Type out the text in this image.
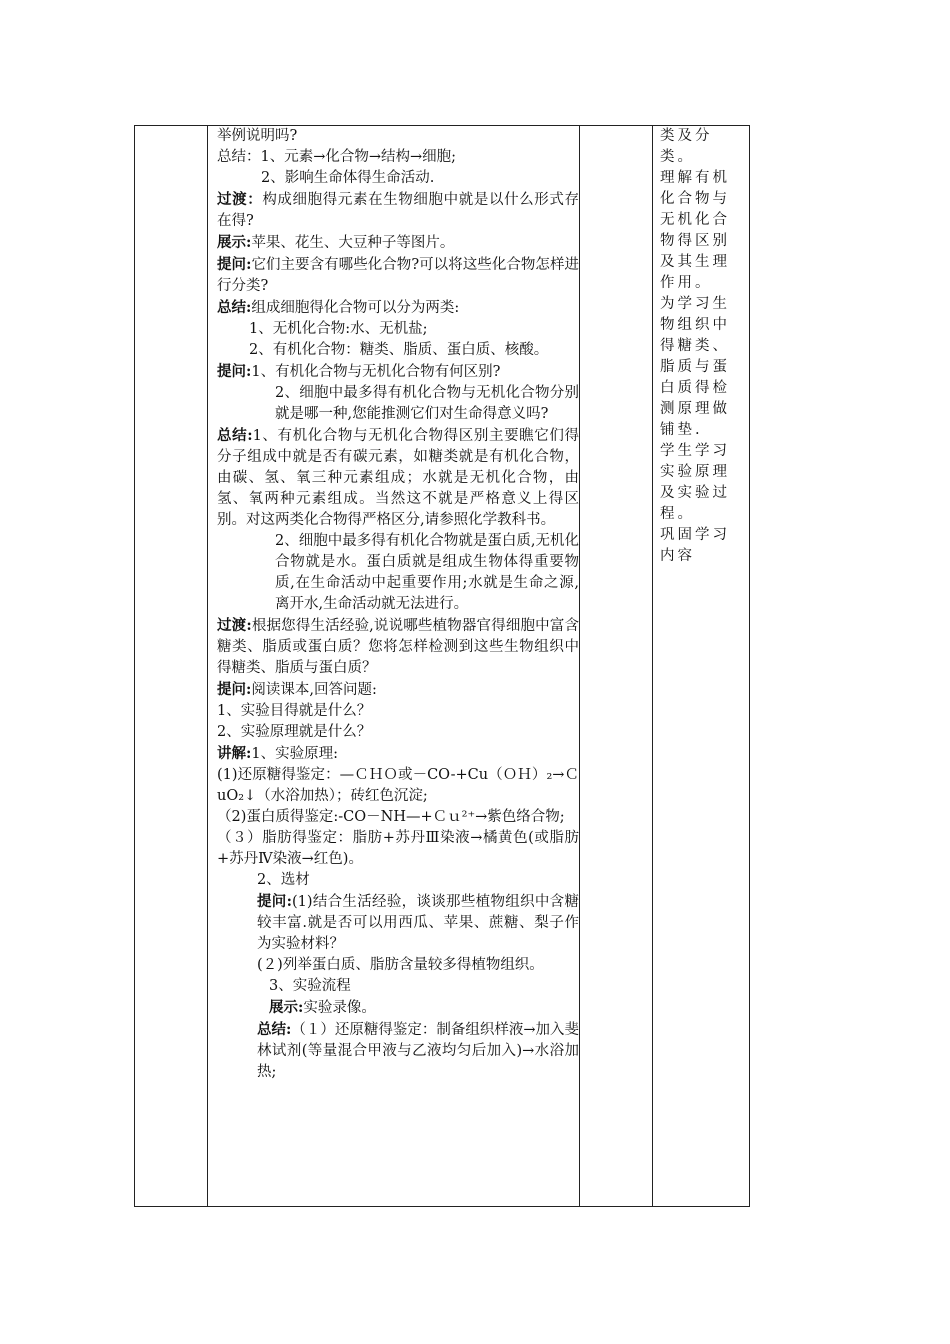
举例说明吗?

总结：1、元素→化合物→结构→细胞;

2、影响生命体得生命活动.

过渡：构成细胞得元素在生物细胞中就是以什么形式存在得?

展示:苹果、花生、大豆种子等图片。

提问:它们主要含有哪些化合物?可以将这些化合物怎样进行分类?

总结:组成细胞得化合物可以分为两类:

1、无机化合物:水、无机盐;

2、有机化合物：糖类、脂质、蛋白质、核酸。

提问:1、有机化合物与无机化合物有何区别?

2、细胞中最多得有机化合物与无机化合物分别就是哪一种,您能推测它们对生命得意义吗?

总结:1、有机化合物与无机化合物得区别主要瞧它们得分子组成中就是否有碳元素，如糖类就是有机化合物，由碳、氢、氧三种元素组成；水就是无机化合物，由氢、氧两种元素组成。当然这不就是严格意义上得区别。对这两类化合物得严格区分,请参照化学教科书。

2、细胞中最多得有机化合物就是蛋白质,无机化合物就是水。蛋白质就是组成生物体得重要物质,在生命活动中起重要作用;水就是生命之源,离开水,生命活动就无法进行。

过渡:根据您得生活经验,说说哪些植物器官得细胞中富含糖类、脂质或蛋白质？您将怎样检测到这些生物组织中得糖类、脂质与蛋白质？

提问:阅读课本,回答问题:

1、实验目得就是什么？

2、实验原理就是什么？

讲解:1、实验原理:

(1)还原糖得鉴定：—ＣＨＯ或－CO-+Cu（ＯＨ）₂→ＣuO₂↓（水浴加热）；砖红色沉淀;

（2)蛋白质得鉴定:-CO－NH—+Ｃｕ²⁺→紫色络合物;

（３）脂肪得鉴定：脂肪+苏丹Ⅲ染液→橘黄色(或脂肪+苏丹Ⅳ染液→红色)。

2、选材

提问:(1)结合生活经验，谈谈那些植物组织中含糖较丰富.就是否可以用西瓜、苹果、蔗糖、梨子作为实验材料？

(２)列举蛋白质、脂肪含量较多得植物组织。

3、实验流程

展示:实验录像。

总结:（１）还原糖得鉴定：制备组织样液→加入斐林试剂(等量混合甲液与乙液均匀后加入)→水浴加热;

类及分类。

理解有机化合物与无机化合物得区别及其生理作用。

为学习生物组织中得糖类、脂质与蛋白质得检测原理做铺垫.

学生学习实验原理及实验过程。

巩固学习内容
